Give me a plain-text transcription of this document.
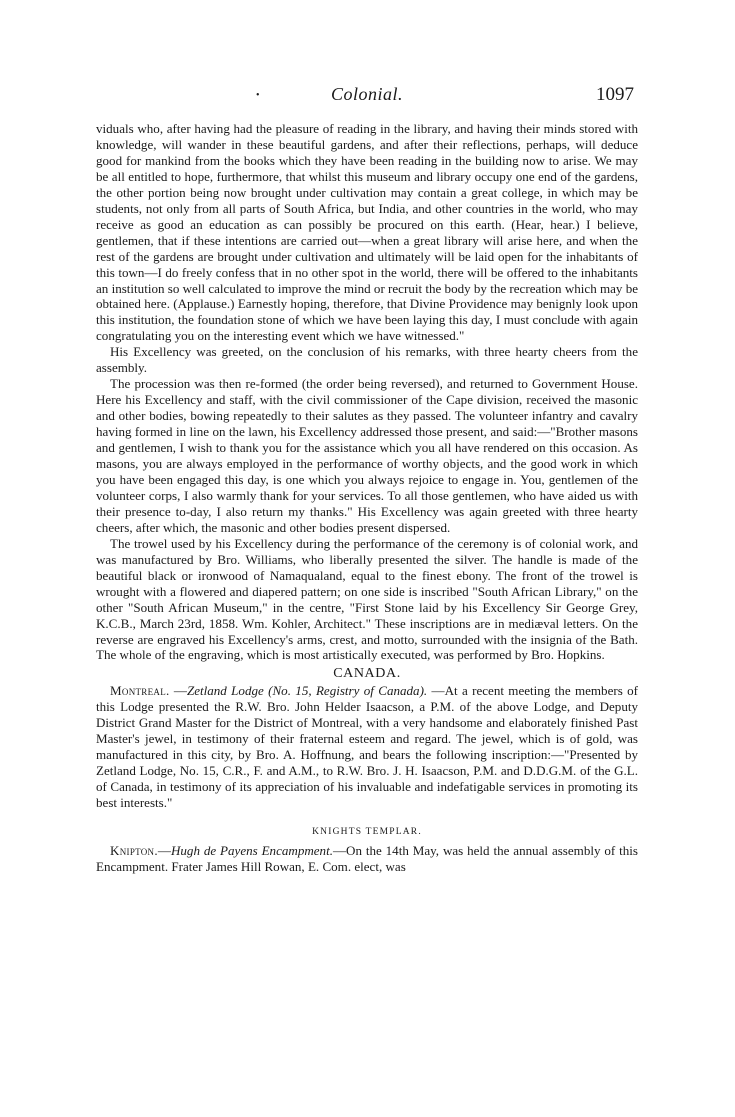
•	Colonial.	1097

viduals who, after having had the pleasure of reading in the library, and having their minds stored with knowledge, will wander in these beautiful gardens, and after their reflections, perhaps, will deduce good for mankind from the books which they have been reading in the building now to arise. We may be all entitled to hope, furthermore, that whilst this museum and library occupy one end of the gardens, the other portion being now brought under cultivation may contain a great college, in which may be students, not only from all parts of South Africa, but India, and other countries in the world, who may receive as good an education as can possibly be procured on this earth. (Hear, hear.) I believe, gentlemen, that if these intentions are carried out—when a great library will arise here, and when the rest of the gardens are brought under cultivation and ultimately will be laid open for the inhabitants of this town—I do freely confess that in no other spot in the world, there will be offered to the inhabitants an institution so well calculated to improve the mind or recruit the body by the recreation which may be obtained here. (Applause.) Earnestly hoping, therefore, that Divine Providence may benignly look upon this institution, the foundation stone of which we have been laying this day, I must conclude with again congratulating you on the interesting event which we have witnessed."

His Excellency was greeted, on the conclusion of his remarks, with three hearty cheers from the assembly.

The procession was then re-formed (the order being reversed), and returned to Government House. Here his Excellency and staff, with the civil commissioner of the Cape division, received the masonic and other bodies, bowing repeatedly to their salutes as they passed. The volunteer infantry and cavalry having formed in line on the lawn, his Excellency addressed those present, and said:—"Brother masons and gentlemen, I wish to thank you for the assistance which you all have rendered on this occasion. As masons, you are always employed in the performance of worthy objects, and the good work in which you have been engaged this day, is one which you always rejoice to engage in. You, gentlemen of the volunteer corps, I also warmly thank for your services. To all those gentlemen, who have aided us with their presence to-day, I also return my thanks." His Excellency was again greeted with three hearty cheers, after which, the masonic and other bodies present dispersed.

The trowel used by his Excellency during the performance of the ceremony is of colonial work, and was manufactured by Bro. Williams, who liberally presented the silver. The handle is made of the beautiful black or ironwood of Namaqualand, equal to the finest ebony. The front of the trowel is wrought with a flowered and diapered pattern; on one side is inscribed "South African Library," on the other "South African Museum," in the centre, "First Stone laid by his Excellency Sir George Grey, K.C.B., March 23rd, 1858. Wm. Kohler, Architect." These inscriptions are in mediæval letters. On the reverse are engraved his Excellency's arms, crest, and motto, surrounded with the insignia of the Bath. The whole of the engraving, which is most artistically executed, was performed by Bro. Hopkins.

CANADA.

Montreal. —Zetland Lodge (No. 15, Registry of Canada). —At a recent meeting the members of this Lodge presented the R.W. Bro. John Helder Isaacson, a P.M. of the above Lodge, and Deputy District Grand Master for the District of Montreal, with a very handsome and elaborately finished Past Master's jewel, in testimony of their fraternal esteem and regard. The jewel, which is of gold, was manufactured in this city, by Bro. A. Hoffnung, and bears the following inscription:—"Presented by Zetland Lodge, No. 15, C.R., F. and A.M., to R.W. Bro. J. H. Isaacson, P.M. and D.D.G.M. of the G.L. of Canada, in testimony of its appreciation of his invaluable and indefatigable services in promoting its best interests."

KNIGHTS TEMPLAR.

Knipton.—Hugh de Payens Encampment.—On the 14th May, was held the annual assembly of this Encampment. Frater James Hill Rowan, E. Com. elect, was
